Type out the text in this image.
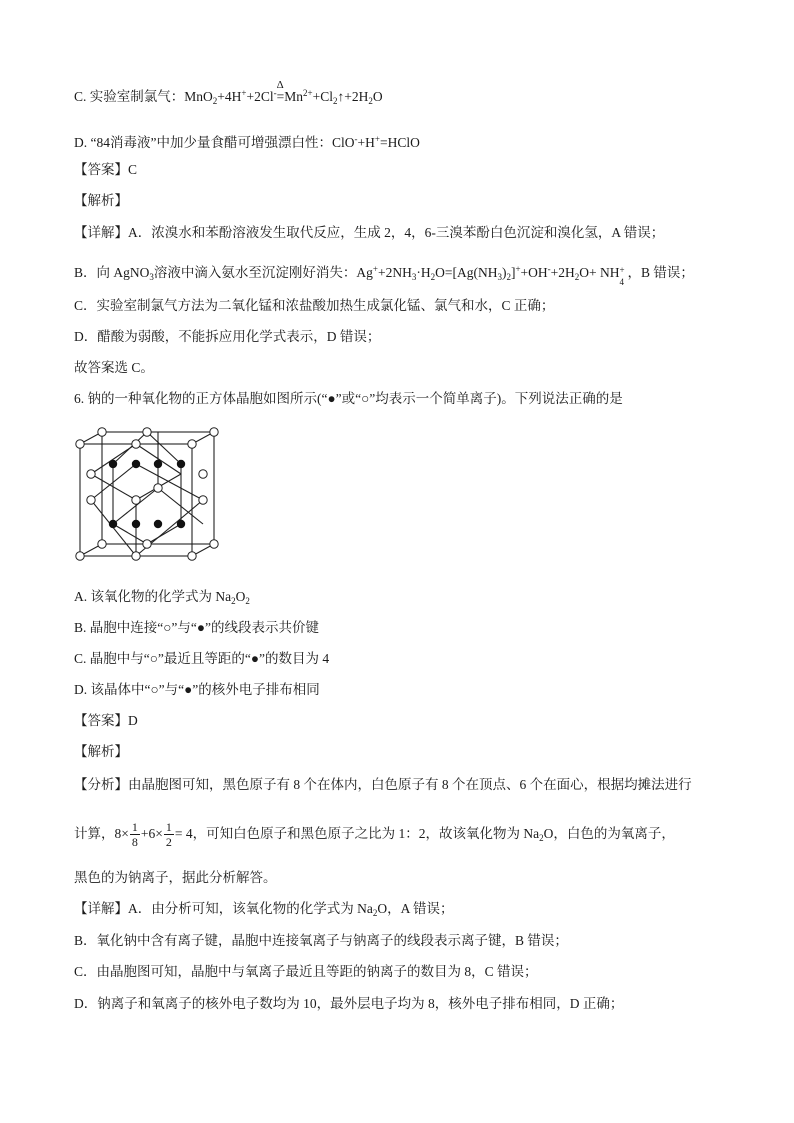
C. 实验室制氯气：MnO$_2$+4H++2Cl-
Δ
$=Mn^{2+}+Cl_2↑+2H_2O$
D. “84消毒液”中加少量食醋可增强漂白性：ClO-+H+=HClO
【答案】C
【解析】
【详解】A．浓溴水和苯酚溶液发生取代反应，生成 2，4，6-三溴苯酚白色沉淀和溴化氢，A 错误；
B．向 AgNO$_3$溶液中滴入氨水至沉淀刚好消失：$Ag^++2NH_3\cdot H_2O=[Ag(NH_3)_2]^++OH^-+2H_2O+$ NH +
4
，B 错误；
C．实验室制氯气方法为二氧化锰和浓盐酸加热生成氯化锰、氯气和水，C 正确；
D．醋酸为弱酸，不能拆应用化学式表示，D 错误；
故答案选 C。
6. 钠的一种氧化物的正方体晶胞如图所示(“●”或“○”均表示一个简单离子)。下列说法正确的是
A. 该氧化物的化学式为 $Na_2O_2$
B. 晶胞中连接“○”与“●”的线段表示共价键
C. 晶胞中与“○”最近且等距的“●”的数目为 4
D. 该晶体中“○”与“●”的核外电子排布相同
【答案】D
【解析】
【分析】由晶胞图可知，黑色原子有 8 个在体内，白色原子有 8 个在顶点、6 个在面心，根据均摊法进行
计算，$8\times \frac{1}{8} +6\times \frac{1}{2} = 4$，可知白色原子和黑色原子之比为 1：2，故该氧化物为 $Na_2O$，白色的为氧离子，
黑色的为钠离子，据此分析解答。
【详解】A．由分析可知，该氧化物的化学式为 $Na_2O$，A 错误；
B．氧化钠中含有离子键，晶胞中连接氧离子与钠离子的线段表示离子键，B 错误；
C．由晶胞图可知，晶胞中与氧离子最近且等距的钠离子的数目为 8，C 错误；
D．钠离子和氧离子的核外电子数均为 10，最外层电子均为 8，核外电子排布相同，D 正确；
